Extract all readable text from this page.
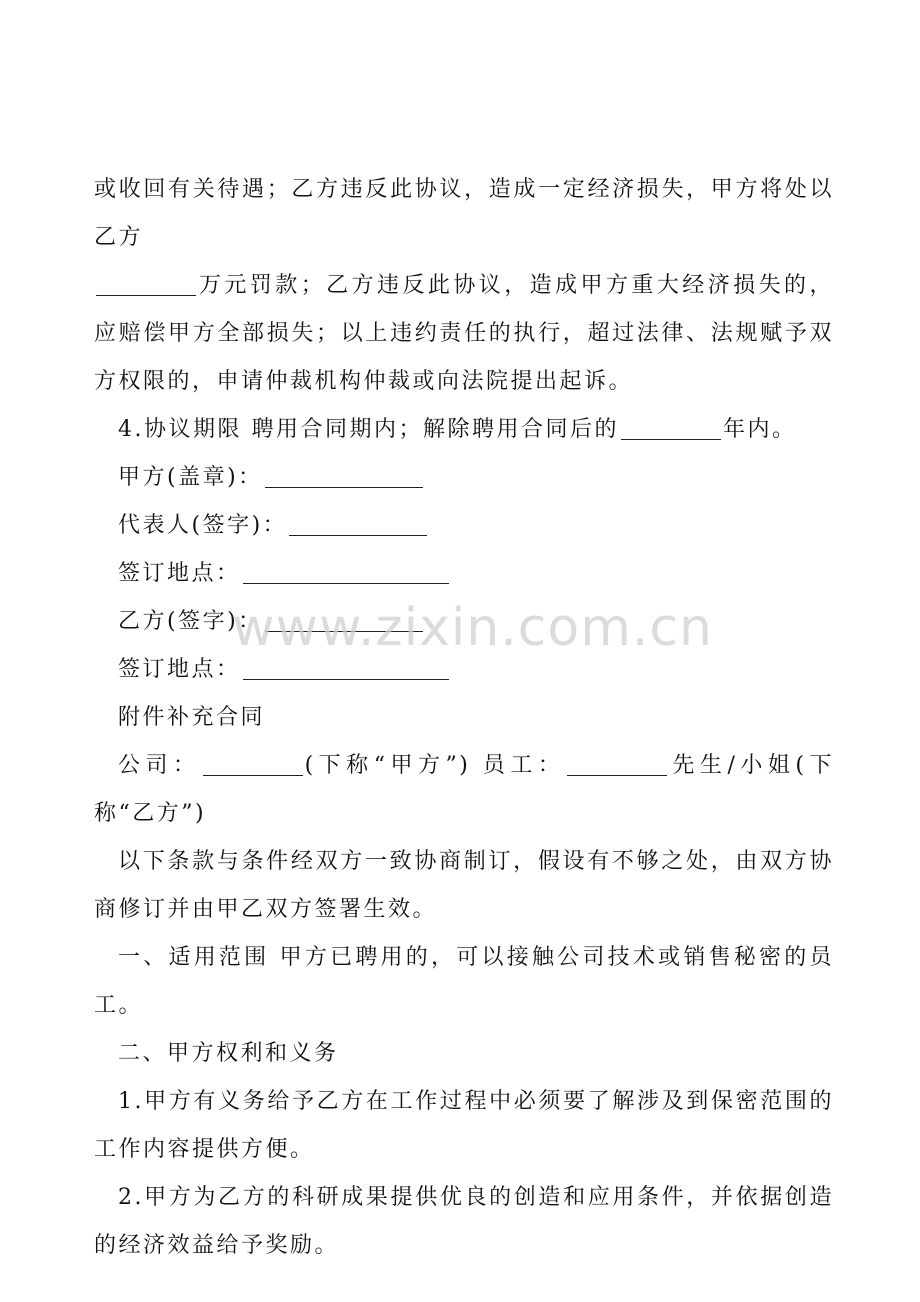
或收回有关待遇；乙方违反此协议，造成一定经济损失，甲方将处以乙方

万元罚款；乙方违反此协议，造成甲方重大经济损失的，应赔偿甲方全部损失；以上违约责任的执行，超过法律、法规赋予双方权限的，申请仲裁机构仲裁或向法院提出起诉。

4.协议期限 聘用合同期内；解除聘用合同后的	年内。

甲方(盖章)：

代表人(签字)：

签订地点：

乙方(签字)：

签订地点：

附件补充合同

公司：	(下称“甲方”) 员工：	先生/小姐(下称“乙方”)

以下条款与条件经双方一致协商制订，假设有不够之处，由双方协商修订并由甲乙双方签署生效。

一、适用范围 甲方已聘用的，可以接触公司技术或销售秘密的员工。

二、甲方权利和义务

1.甲方有义务给予乙方在工作过程中必须要了解涉及到保密范围的工作内容提供方便。

2.甲方为乙方的科研成果提供优良的创造和应用条件，并依据创造的经济效益给予奖励。

www.zixin.com.cn
